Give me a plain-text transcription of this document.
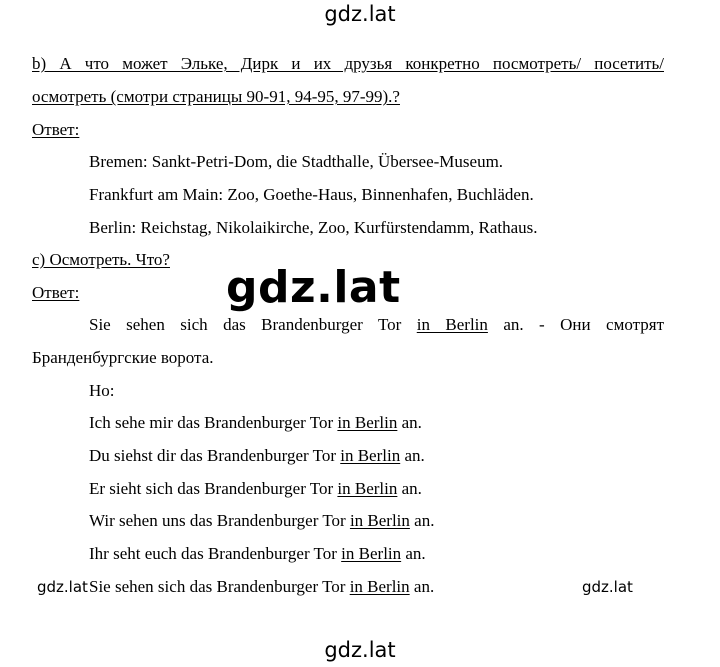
gdz.lat
gdz.lat
gdz.lat	gdz.lat
gdz.lat
b) А что может Эльке, Дирк и их друзья конкретно посмотреть/ посетить/
осмотреть (смотри страницы 90-91, 94-95, 97-99).?
Ответ:
Bremen: Sankt-Petri-Dom, die Stadthalle, Übersee-Museum.
Frankfurt am Main: Zoo, Goethe-Haus, Binnenhafen, Buchläden.
Berlin: Reichstag, Nikolaikirche, Zoo, Kurfürstendamm, Rathaus.
c) Осмотреть. Что?
Ответ:
Sie sehen sich das Brandenburger Tor in Berlin an. - Они смотрят
Бранденбургские ворота.
Но:
Ich sehe mir das Brandenburger Tor in Berlin an.
Du siehst dir das Brandenburger Tor in Berlin an.
Er sieht sich das Brandenburger Tor in Berlin an.
Wir sehen uns das Brandenburger Tor in Berlin an.
Ihr seht euch das Brandenburger Tor in Berlin an.
Sie sehen sich das Brandenburger Tor in Berlin an.
